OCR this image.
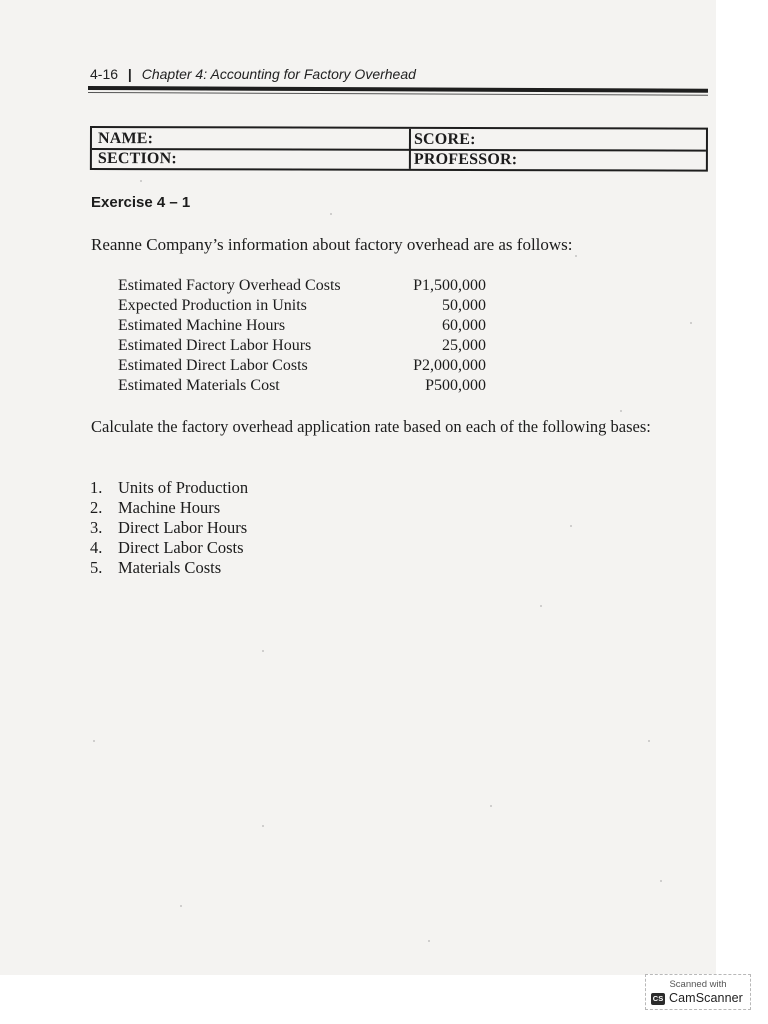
4-16 | Chapter 4: Accounting for Factory Overhead
NAME:	SCORE:
SECTION:	PROFESSOR:
Exercise 4 – 1
Reanne Company’s information about factory overhead are as follows:
Estimated Factory Overhead Costs	P1,500,000
Expected Production in Units	50,000
Estimated Machine Hours	60,000
Estimated Direct Labor Hours	25,000
Estimated Direct Labor Costs	P2,000,000
Estimated Materials Cost	P500,000
Calculate the factory overhead application rate based on each of the following bases:
1. Units of Production
2. Machine Hours
3. Direct Labor Hours
4. Direct Labor Costs
5. Materials Costs
Scanned with
CS CamScanner
